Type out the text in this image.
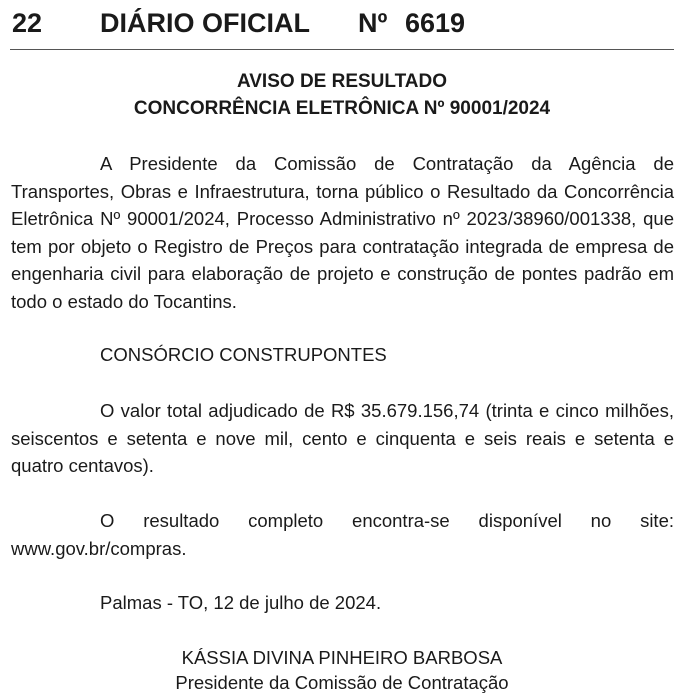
22 DIÁRIO OFICIAL Nº 6619
AVISO DE RESULTADO
CONCORRÊNCIA ELETRÔNICA Nº 90001/2024
A Presidente da Comissão de Contratação da Agência de Transportes, Obras e Infraestrutura, torna público o Resultado da Concorrência Eletrônica Nº 90001/2024, Processo Administrativo nº 2023/38960/001338, que tem por objeto o Registro de Preços para contratação integrada de empresa de engenharia civil para elaboração de projeto e construção de pontes padrão em todo o estado do Tocantins.
CONSÓRCIO CONSTRUPONTES
O valor total adjudicado de R$ 35.679.156,74 (trinta e cinco milhões, seiscentos e setenta e nove mil, cento e cinquenta e seis reais e setenta e quatro centavos).
O resultado completo encontra-se disponível no site: www.gov.br/compras.
Palmas - TO, 12 de julho de 2024.
KÁSSIA DIVINA PINHEIRO BARBOSA
Presidente da Comissão de Contratação
